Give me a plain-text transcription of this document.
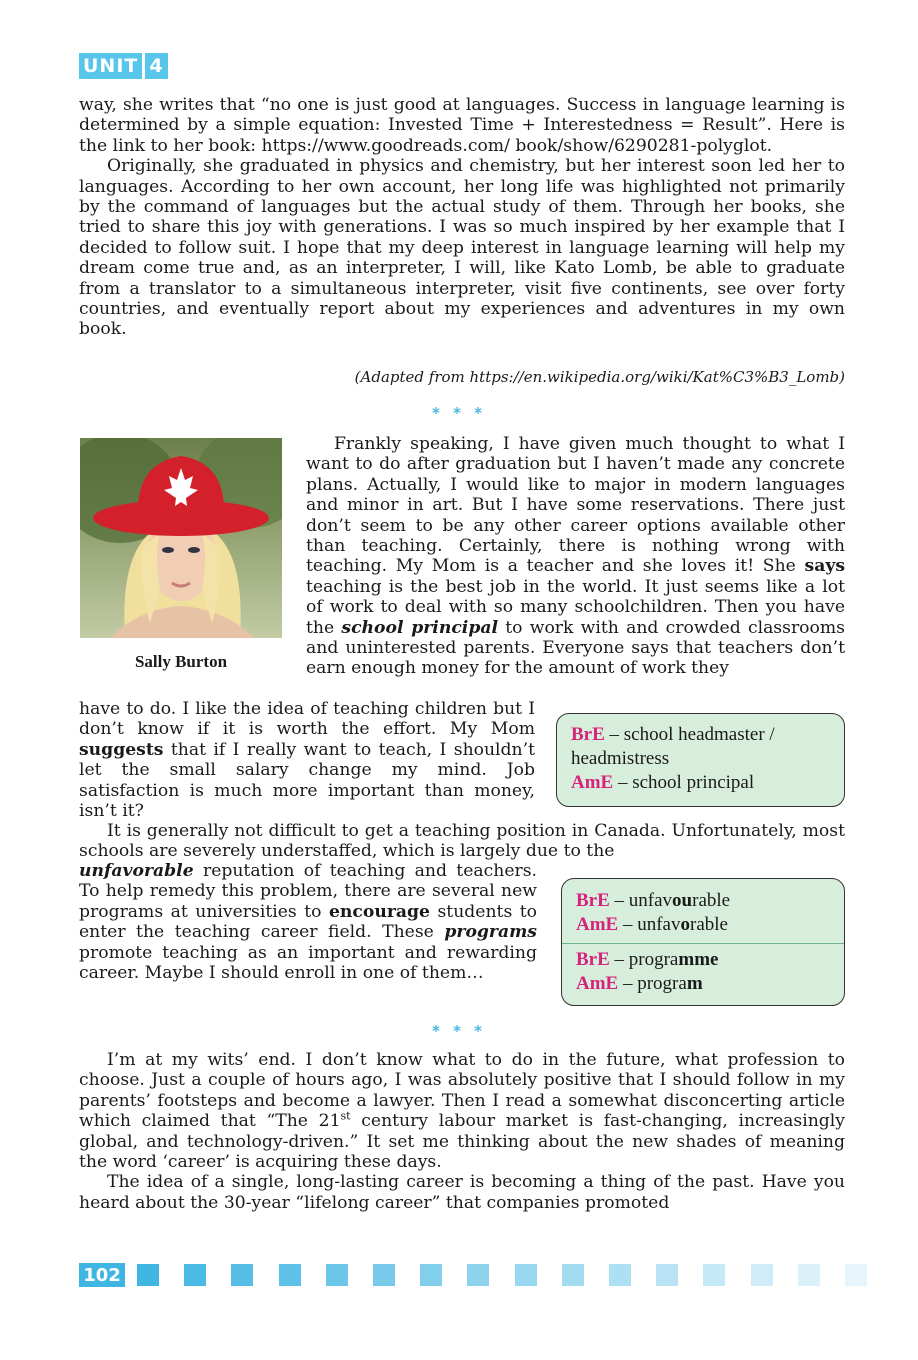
UNIT 4

way, she writes that “no one is just good at languages. Success in language learning is determined by a simple equation: Invested Time + Interestedness = Result”. Here is the link to her book: https://www.goodreads.com/ book/show/6290281-polyglot.

Originally, she graduated in physics and chemistry, but her interest soon led her to languages. According to her own account, her long life was highlighted not primarily by the command of languages but the actual study of them. Through her books, she tried to share this joy with generations. I was so much inspired by her example that I decided to follow suit. I hope that my deep interest in language learning will help my dream come true and, as an interpreter, I will, like Kato Lomb, be able to graduate from a translator to a simultaneous interpreter, visit five continents, see over forty countries, and eventually report about my experiences and adventures in my own book.

(Adapted from https://en.wikipedia.org/wiki/Kat%C3%B3_Lomb)
* * *
Sally Burton

Frankly speaking, I have given much thought to what I want to do after graduation but I haven’t made any concrete plans. Actually, I would like to major in modern languages and minor in art. But I have some reservations. There just don’t seem to be any other career options available other than teaching. Certainly, there is nothing wrong with teaching. My Mom is a teacher and she loves it! She says teaching is the best job in the world. It just seems like a lot of work to deal with so many schoolchildren. Then you have the school principal to work with and crowded classrooms and uninterested parents. Everyone says that teachers don’t earn enough money for the amount of work they

have to do. I like the idea of teaching children but I don’t know if it is worth the effort. My Mom suggests that if I really want to teach, I shouldn’t let the small salary change my mind. Job satisfaction is much more important than money, isn’t it?

BrE – school headmaster / headmistress
AmE – school principal

It is generally not difficult to get a teaching position in Canada. Unfortunately, most schools are severely understaffed, which is largely due to the

unfavorable reputation of teaching and teachers. To help remedy this problem, there are several new programs at universities to encourage students to enter the teaching career field. These programs promote teaching as an important and rewarding career. Maybe I should enroll in one of them…

BrE – unfavourable
AmE – unfavorable
BrE – programme
AmE – program
* * *

I’m at my wits’ end. I don’t know what to do in the future, what profession to choose. Just a couple of hours ago, I was absolutely positive that I should follow in my parents’ footsteps and become a lawyer. Then I read a somewhat disconcerting article which claimed that “The 21st century labour market is fast-changing, increasingly global, and technology-driven.” It set me thinking about the new shades of meaning the word ‘career’ is acquiring these days.

The idea of a single, long-lasting career is becoming a thing of the past. Have you heard about the 30-year “lifelong career” that companies promoted

102
